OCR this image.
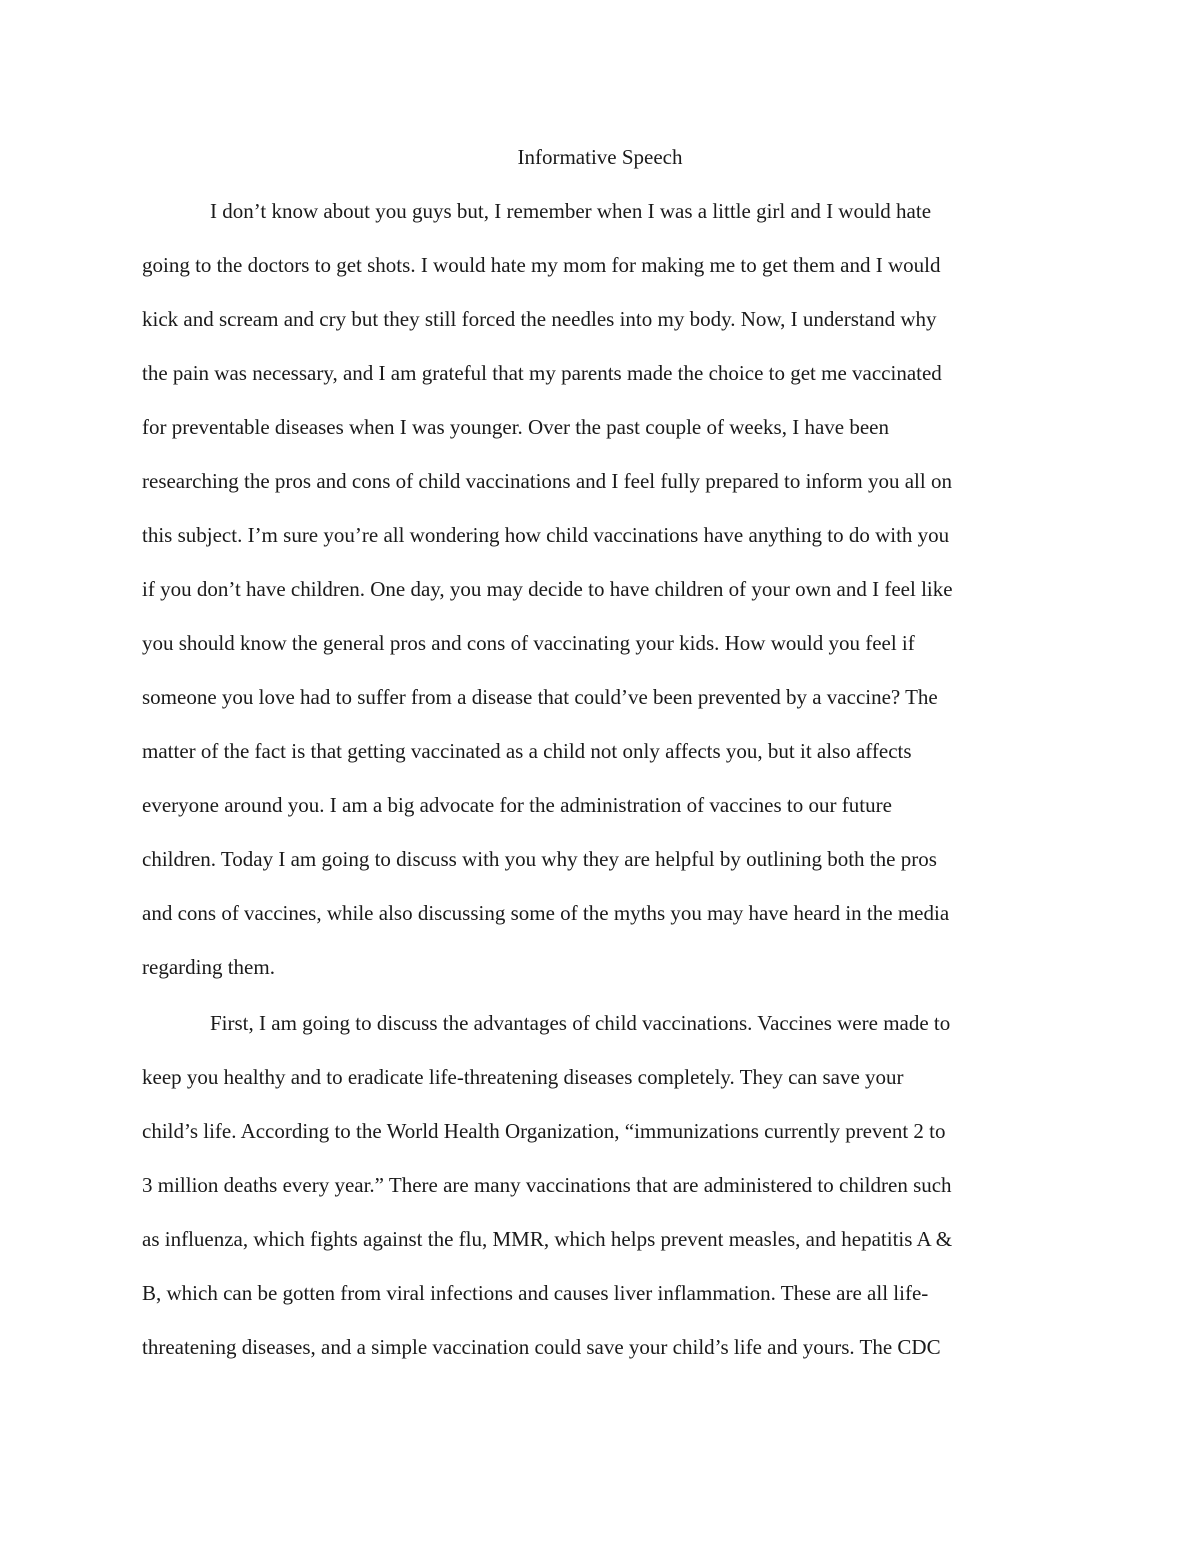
Informative Speech

I don’t know about you guys but, I remember when I was a little girl and I would hate

going to the doctors to get shots. I would hate my mom for making me to get them and I would

kick and scream and cry but they still forced the needles into my body. Now, I understand why

the pain was necessary, and I am grateful that my parents made the choice to get me vaccinated

for preventable diseases when I was younger. Over the past couple of weeks, I have been

researching the pros and cons of child vaccinations and I feel fully prepared to inform you all on

this subject. I’m sure you’re all wondering how child vaccinations have anything to do with you

if you don’t have children. One day, you may decide to have children of your own and I feel like

you should know the general pros and cons of vaccinating your kids. How would you feel if

someone you love had to suffer from a disease that could’ve been prevented by a vaccine? The

matter of the fact is that getting vaccinated as a child not only affects you, but it also affects

everyone around you. I am a big advocate for the administration of vaccines to our future

children. Today I am going to discuss with you why they are helpful by outlining both the pros

and cons of vaccines, while also discussing some of the myths you may have heard in the media

regarding them.

First, I am going to discuss the advantages of child vaccinations. Vaccines were made to

keep you healthy and to eradicate life-threatening diseases completely. They can save your

child’s life. According to the World Health Organization, “immunizations currently prevent 2 to

3 million deaths every year.” There are many vaccinations that are administered to children such

as influenza, which fights against the flu, MMR, which helps prevent measles, and hepatitis A &

B, which can be gotten from viral infections and causes liver inflammation. These are all life-

threatening diseases, and a simple vaccination could save your child’s life and yours. The CDC
